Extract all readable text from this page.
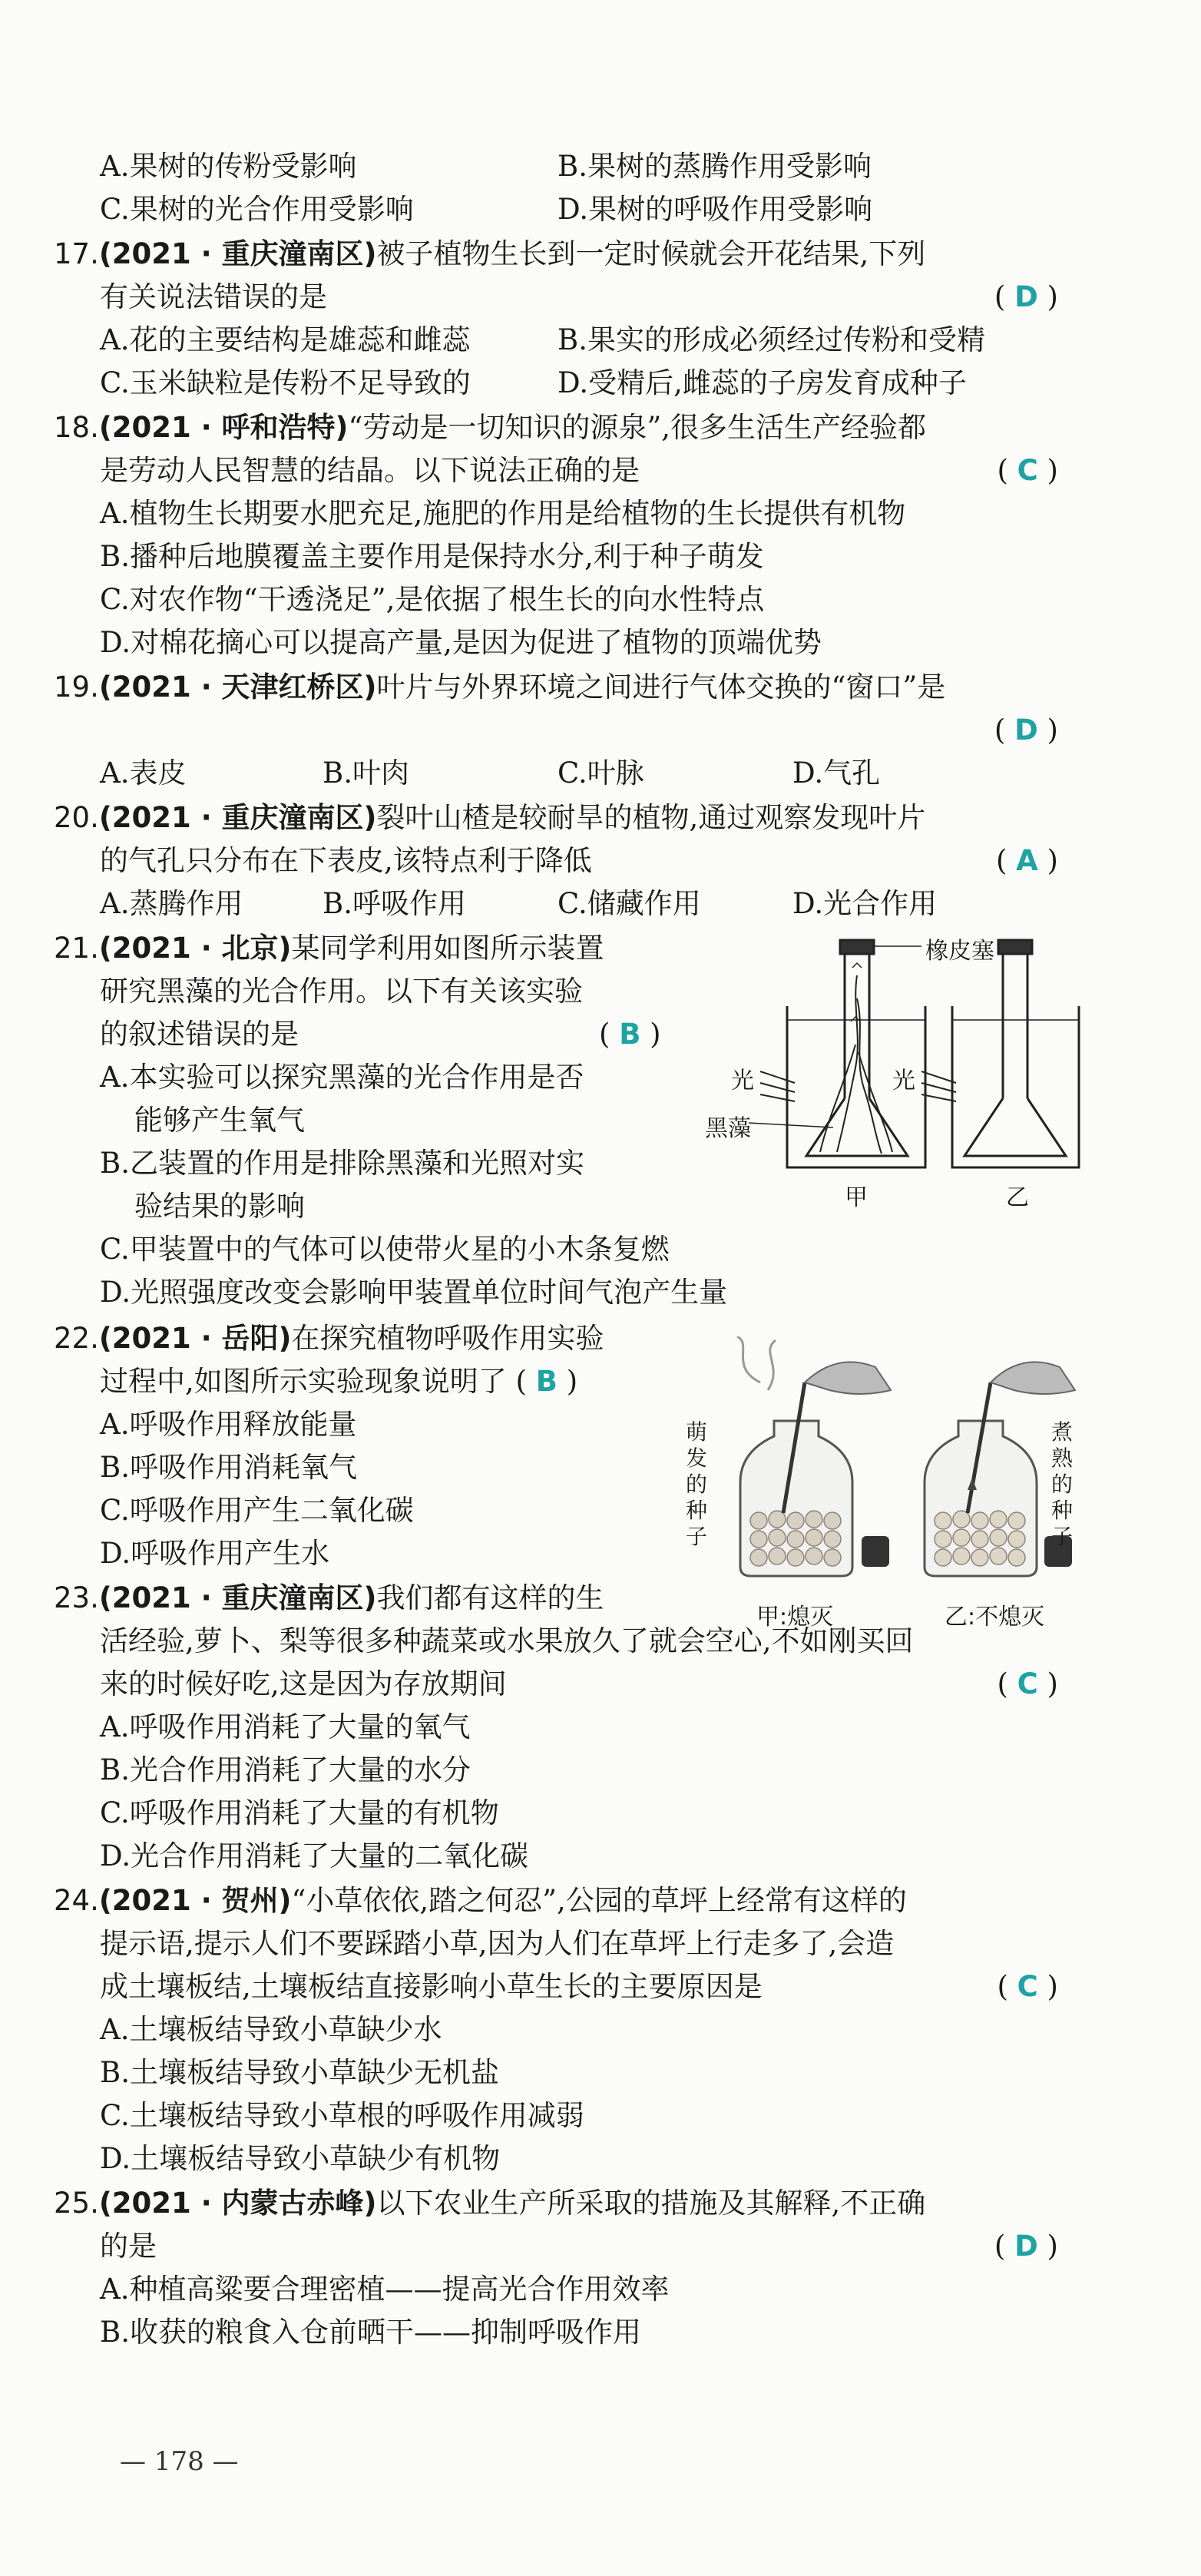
A.果树的传粉受影响	B.果树的蒸腾作用受影响
C.果树的光合作用受影响	D.果树的呼吸作用受影响
17.(2021 · 重庆潼南区)被子植物生长到一定时候就会开花结果,下列
有关说法错误的是	( D )
A.花的主要结构是雄蕊和雌蕊	B.果实的形成必须经过传粉和受精
C.玉米缺粒是传粉不足导致的	D.受精后,雌蕊的子房发育成种子
18.(2021 · 呼和浩特)“劳动是一切知识的源泉”,很多生活生产经验都
是劳动人民智慧的结晶。以下说法正确的是	( C )
A.植物生长期要水肥充足,施肥的作用是给植物的生长提供有机物
B.播种后地膜覆盖主要作用是保持水分,利于种子萌发
C.对农作物“干透浇足”,是依据了根生长的向水性特点
D.对棉花摘心可以提高产量,是因为促进了植物的顶端优势
19.(2021 · 天津红桥区)叶片与外界环境之间进行气体交换的“窗口”是
( D )
A.表皮	B.叶肉	C.叶脉	D.气孔
20.(2021 · 重庆潼南区)裂叶山楂是较耐旱的植物,通过观察发现叶片
的气孔只分布在下表皮,该特点利于降低	( A )
A.蒸腾作用	B.呼吸作用	C.储藏作用	D.光合作用
21.(2021 · 北京)某同学利用如图所示装置
研究黑藻的光合作用。以下有关该实验
的叙述错误的是	( B )
A.本实验可以探究黑藻的光合作用是否
能够产生氧气
B.乙装置的作用是排除黑藻和光照对实
验结果的影响
C.甲装置中的气体可以使带火星的小木条复燃
D.光照强度改变会影响甲装置单位时间气泡产生量
橡皮塞
光
黑藻
光
甲	乙
22.(2021 · 岳阳)在探究植物呼吸作用实验
过程中,如图所示实验现象说明了 ( B )
A.呼吸作用释放能量
B.呼吸作用消耗氧气
C.呼吸作用产生二氧化碳
D.呼吸作用产生水
萌
发
的
种
子
煮
熟
的
种
子
甲:熄灭	乙:不熄灭
23.(2021 · 重庆潼南区)我们都有这样的生
活经验,萝卜、梨等很多种蔬菜或水果放久了就会空心,不如刚买回
来的时候好吃,这是因为存放期间	( C )
A.呼吸作用消耗了大量的氧气
B.光合作用消耗了大量的水分
C.呼吸作用消耗了大量的有机物
D.光合作用消耗了大量的二氧化碳
24.(2021 · 贺州)“小草依依,踏之何忍”,公园的草坪上经常有这样的
提示语,提示人们不要踩踏小草,因为人们在草坪上行走多了,会造
成土壤板结,土壤板结直接影响小草生长的主要原因是	( C )
A.土壤板结导致小草缺少水
B.土壤板结导致小草缺少无机盐
C.土壤板结导致小草根的呼吸作用减弱
D.土壤板结导致小草缺少有机物
25.(2021 · 内蒙古赤峰)以下农业生产所采取的措施及其解释,不正确
的是	( D )
A.种植高粱要合理密植——提高光合作用效率
B.收获的粮食入仓前晒干——抑制呼吸作用
— 178 —
